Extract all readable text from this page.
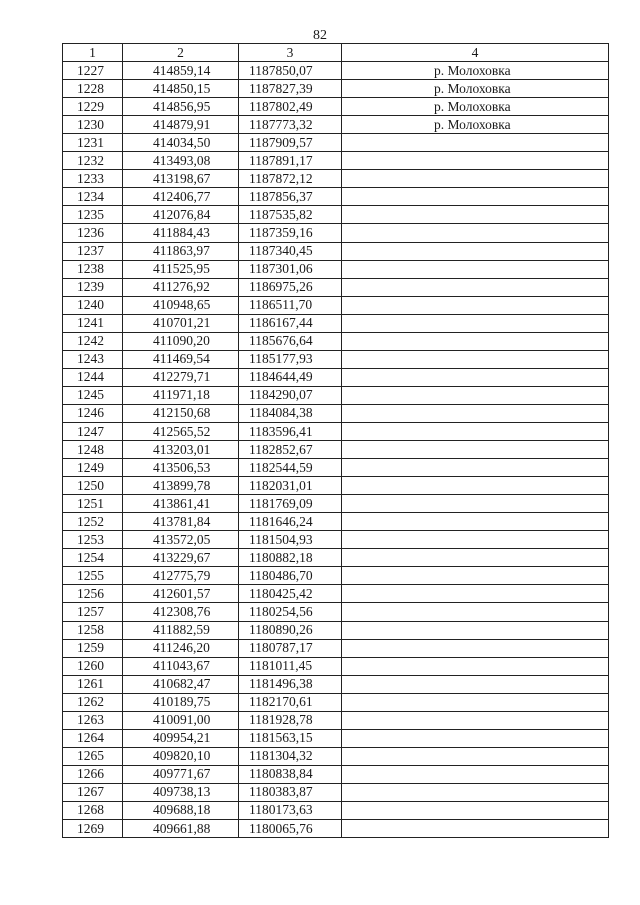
82
1	2	3	4
1227	414859,14	1187850,07	р. Молоховка
1228	414850,15	1187827,39	р. Молоховка
1229	414856,95	1187802,49	р. Молоховка
1230	414879,91	1187773,32	р. Молоховка
1231	414034,50	1187909,57	
1232	413493,08	1187891,17	
1233	413198,67	1187872,12	
1234	412406,77	1187856,37	
1235	412076,84	1187535,82	
1236	411884,43	1187359,16	
1237	411863,97	1187340,45	
1238	411525,95	1187301,06	
1239	411276,92	1186975,26	
1240	410948,65	1186511,70	
1241	410701,21	1186167,44	
1242	411090,20	1185676,64	
1243	411469,54	1185177,93	
1244	412279,71	1184644,49	
1245	411971,18	1184290,07	
1246	412150,68	1184084,38	
1247	412565,52	1183596,41	
1248	413203,01	1182852,67	
1249	413506,53	1182544,59	
1250	413899,78	1182031,01	
1251	413861,41	1181769,09	
1252	413781,84	1181646,24	
1253	413572,05	1181504,93	
1254	413229,67	1180882,18	
1255	412775,79	1180486,70	
1256	412601,57	1180425,42	
1257	412308,76	1180254,56	
1258	411882,59	1180890,26	
1259	411246,20	1180787,17	
1260	411043,67	1181011,45	
1261	410682,47	1181496,38	
1262	410189,75	1182170,61	
1263	410091,00	1181928,78	
1264	409954,21	1181563,15	
1265	409820,10	1181304,32	
1266	409771,67	1180838,84	
1267	409738,13	1180383,87	
1268	409688,18	1180173,63	
1269	409661,88	1180065,76	
